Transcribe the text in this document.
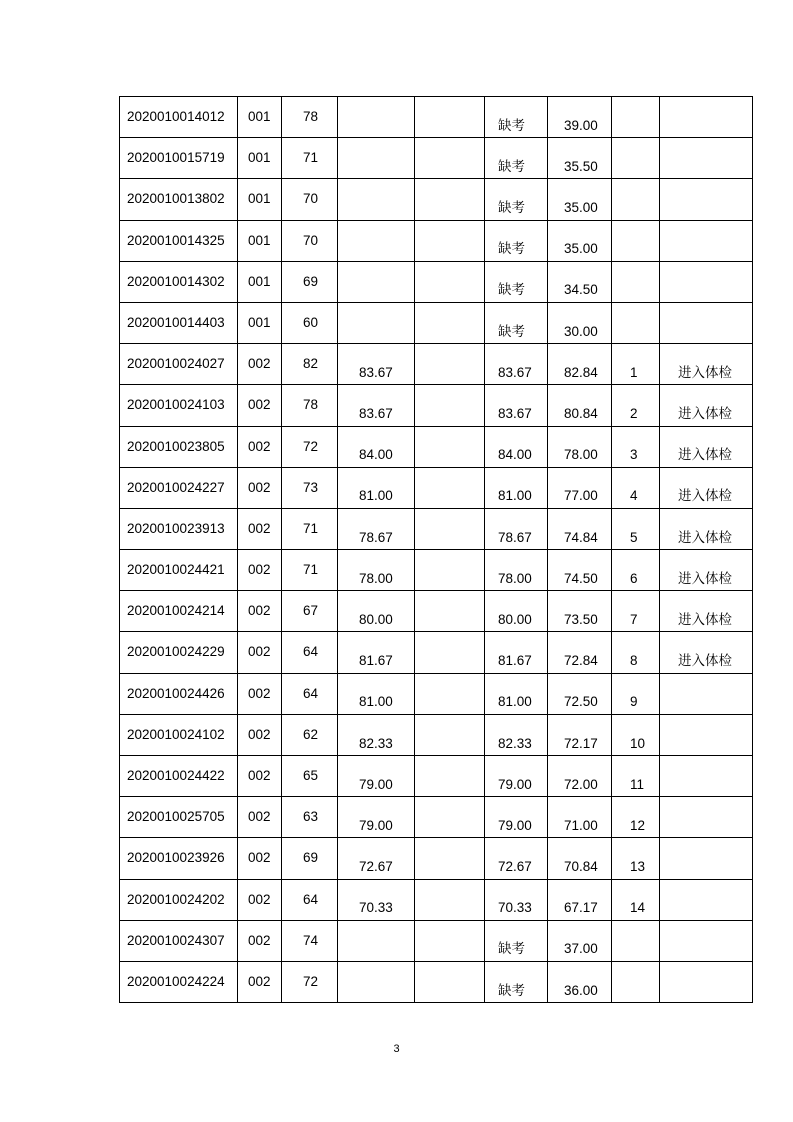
2020010014012	001	78			缺考	39.00		

2020010015719	001	71			缺考	35.50		

2020010013802	001	70			缺考	35.00		

2020010014325	001	70			缺考	35.00		

2020010014302	001	69			缺考	34.50		

2020010014403	001	60			缺考	30.00		

2020010024027	002	82	83.67		83.67	82.84	1	进入体检

2020010024103	002	78	83.67		83.67	80.84	2	进入体检

2020010023805	002	72	84.00		84.00	78.00	3	进入体检

2020010024227	002	73	81.00		81.00	77.00	4	进入体检

2020010023913	002	71	78.67		78.67	74.84	5	进入体检

2020010024421	002	71	78.00		78.00	74.50	6	进入体检

2020010024214	002	67	80.00		80.00	73.50	7	进入体检

2020010024229	002	64	81.67		81.67	72.84	8	进入体检

2020010024426	002	64	81.00		81.00	72.50	9	

2020010024102	002	62	82.33		82.33	72.17	10	

2020010024422	002	65	79.00		79.00	72.00	11	

2020010025705	002	63	79.00		79.00	71.00	12	

2020010023926	002	69	72.67		72.67	70.84	13	

2020010024202	002	64	70.33		70.33	67.17	14	

2020010024307	002	74			缺考	37.00		

2020010024224	002	72			缺考	36.00		

3
